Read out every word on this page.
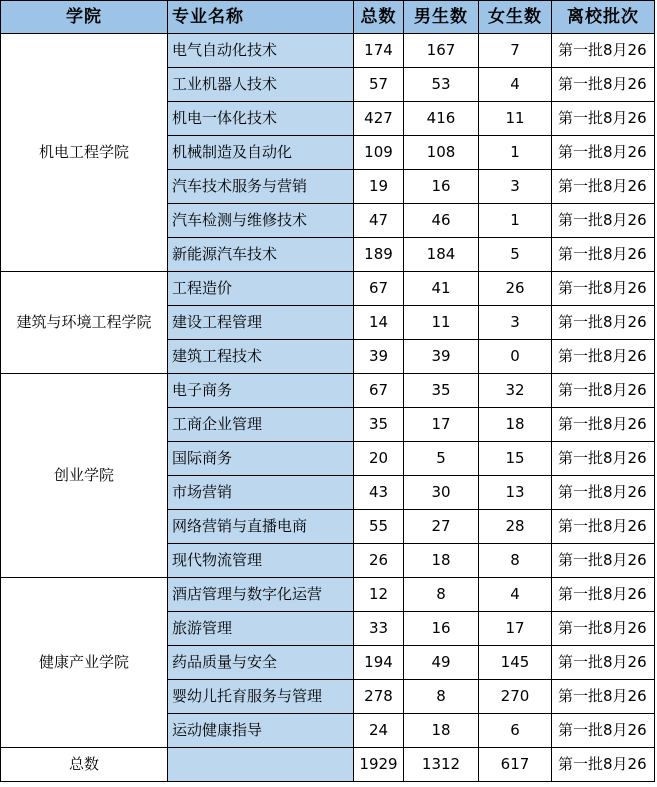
学院	专业名称	总数	男生数	女生数	离校批次
机电工程学院	电气自动化技术	174	167	7	第一批8月26
	工业机器人技术	57	53	4	第一批8月26
	机电一体化技术	427	416	11	第一批8月26
	机械制造及自动化	109	108	1	第一批8月26
	汽车技术服务与营销	19	16	3	第一批8月26
	汽车检测与维修技术	47	46	1	第一批8月26
	新能源汽车技术	189	184	5	第一批8月26
建筑与环境工程学院	工程造价	67	41	26	第一批8月26
	建设工程管理	14	11	3	第一批8月26
	建筑工程技术	39	39	0	第一批8月26
创业学院	电子商务	67	35	32	第一批8月26
	工商企业管理	35	17	18	第一批8月26
	国际商务	20	5	15	第一批8月26
	市场营销	43	30	13	第一批8月26
	网络营销与直播电商	55	27	28	第一批8月26
	现代物流管理	26	18	8	第一批8月26
健康产业学院	酒店管理与数字化运营	12	8	4	第一批8月26
	旅游管理	33	16	17	第一批8月26
	药品质量与安全	194	49	145	第一批8月26
	婴幼儿托育服务与管理	278	8	270	第一批8月26
	运动健康指导	24	18	6	第一批8月26
总数		1929	1312	617	第一批8月26
